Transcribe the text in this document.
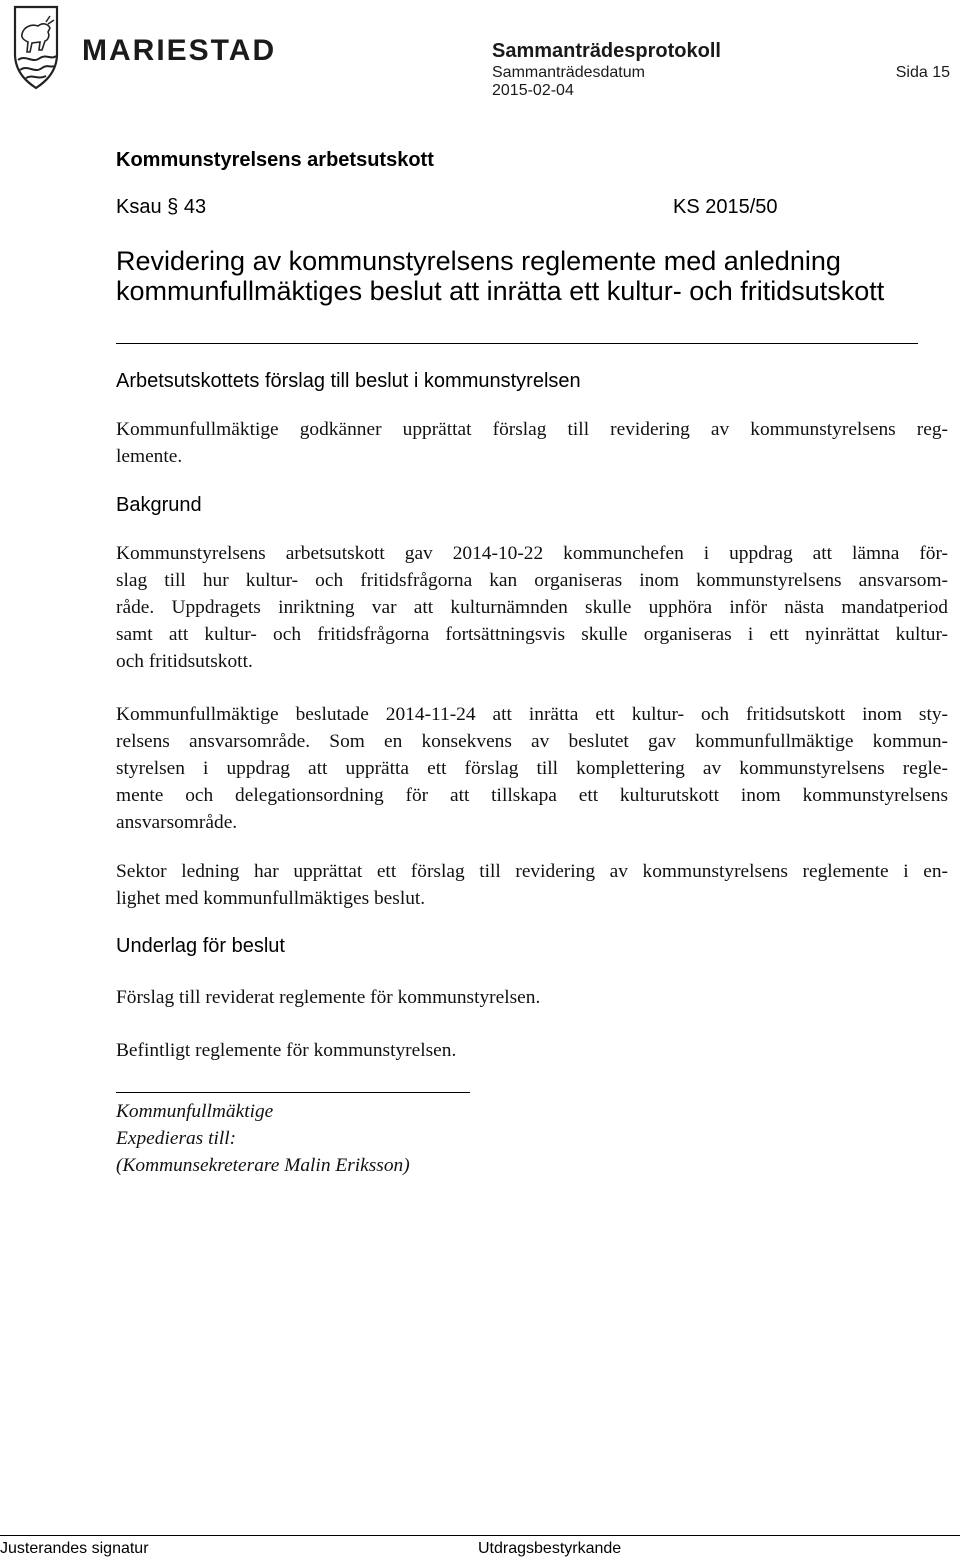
MARIESTAD	Sammanträdesprotokoll
Sammanträdesdatum
2015-02-04
Sida 15
Kommunstyrelsens arbetsutskott
Ksau § 43	KS 2015/50
Revidering av kommunstyrelsens reglemente med anledning
kommunfullmäktiges beslut att inrätta ett kultur- och fritidsutskott
Arbetsutskottets förslag till beslut i kommunstyrelsen
Kommunfullmäktige godkänner upprättat förslag till revidering av kommunstyrelsens reg-
lemente.
Bakgrund
Kommunstyrelsens arbetsutskott gav 2014-10-22 kommunchefen i uppdrag att lämna för-
slag till hur kultur- och fritidsfrågorna kan organiseras inom kommunstyrelsens ansvarsom-
råde. Uppdragets inriktning var att kulturnämnden skulle upphöra inför nästa mandatperiod
samt att kultur- och fritidsfrågorna fortsättningsvis skulle organiseras i ett nyinrättat kultur-
och fritidsutskott.
Kommunfullmäktige beslutade 2014-11-24 att inrätta ett kultur- och fritidsutskott inom sty-
relsens ansvarsområde. Som en konsekvens av beslutet gav kommunfullmäktige kommun-
styrelsen i uppdrag att upprätta ett förslag till komplettering av kommunstyrelsens regle-
mente och delegationsordning för att tillskapa ett kulturutskott inom kommunstyrelsens
ansvarsområde.
Sektor ledning har upprättat ett förslag till revidering av kommunstyrelsens reglemente i en-
lighet med kommunfullmäktiges beslut.
Underlag för beslut
Förslag till reviderat reglemente för kommunstyrelsen.
Befintligt reglemente för kommunstyrelsen.
Kommunfullmäktige
Expedieras till:
(Kommunsekreterare Malin Eriksson)
Justerandes signatur	Utdragsbestyrkande
